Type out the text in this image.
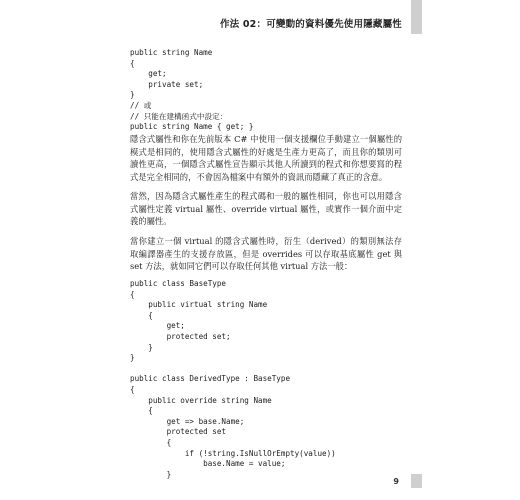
作法 02：可變動的資料優先使用隱藏屬性
public string Name
{
get;
private set;
}
// 或
// 只能在建構函式中設定：
public string Name { get; }

隱含式屬性和你在先前版本 C# 中使用一個支援欄位手動建立一個屬性的模式是相同的，使用隱含式屬性的好處是生產力更高了，而且你的類別可讀性更高，一個隱含式屬性宣告顯示其他人所讀到的程式和你想要寫的程式是完全相同的，不會因為檔案中有額外的資訊而隱藏了真正的含意。

當然，因為隱含式屬性產生的程式碼和一般的屬性相同，你也可以用隱含式屬性定義 virtual 屬性、override virtual 屬性，或實作一個介面中定義的屬性。

當你建立一個 virtual 的隱含式屬性時，衍生（derived）的類別無法存取編譯器產生的支援存放區，但是 overrides 可以存取基底屬性 get 與 set 方法，就如同它們可以存取任何其他 virtual 方法一般：

public class BaseType
{
public virtual string Name
{
get;
protected set;
}
}

public class DerivedType : BaseType
{
public override string Name
{
get => base.Name;
protected set
{
if (!string.IsNullOrEmpty(value))
base.Name = value;
}
9
